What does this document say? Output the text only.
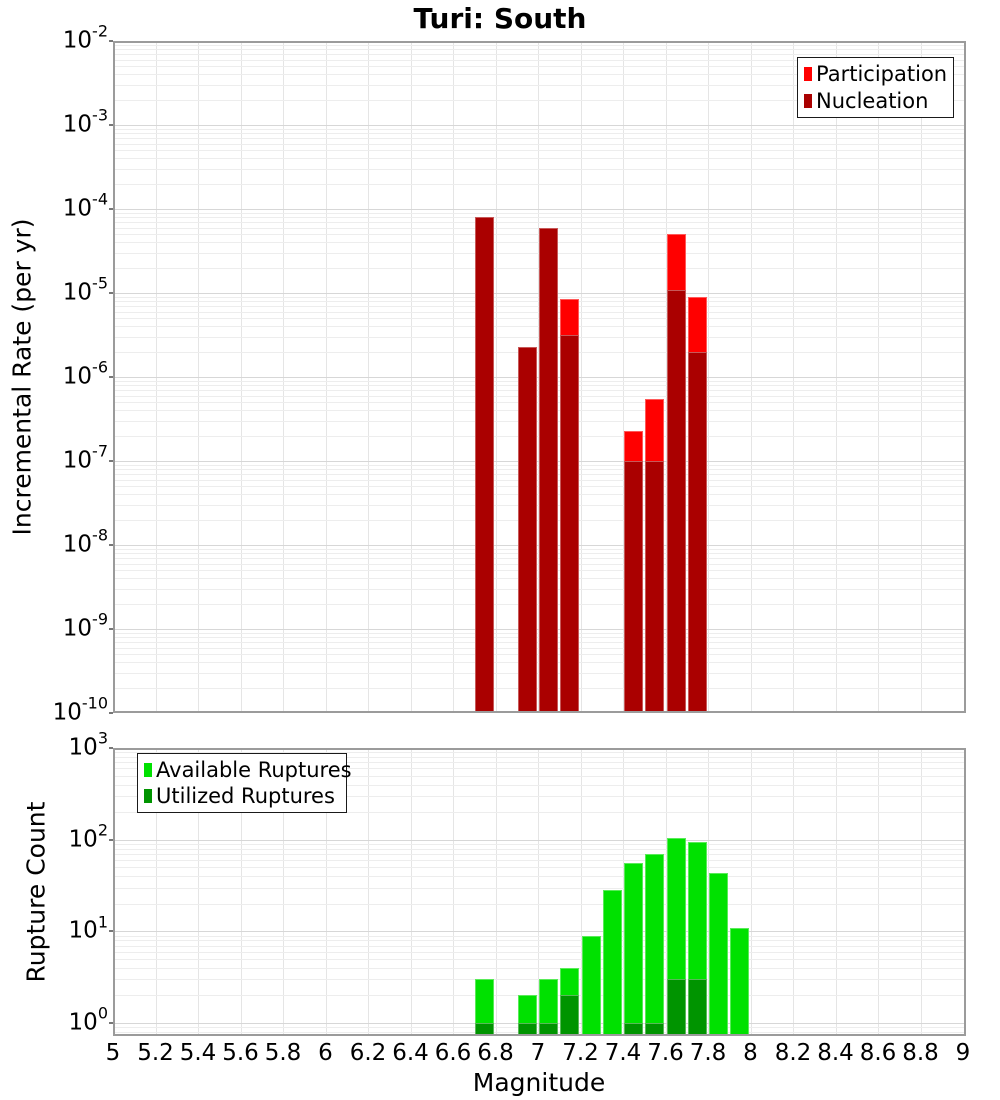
Turi: South
Incremental Rate (per yr)
Participation
Nucleation
Rupture Count
Available Ruptures
Utilized Ruptures
5 5.2 5.4 5.6 5.8 6 6.2 6.4 6.6 6.8 7 7.2 7.4 7.6 7.8 8 8.2 8.4 8.6 8.8 9
Magnitude
$10^{-2}$
$10^{-3}$
$10^{-4}$
$10^{-5}$
$10^{-6}$
$10^{-7}$
$10^{-8}$
$10^{-9}$
$10^{-10}$
$10^3$
$10^2$
$10^1$
$10^0$
